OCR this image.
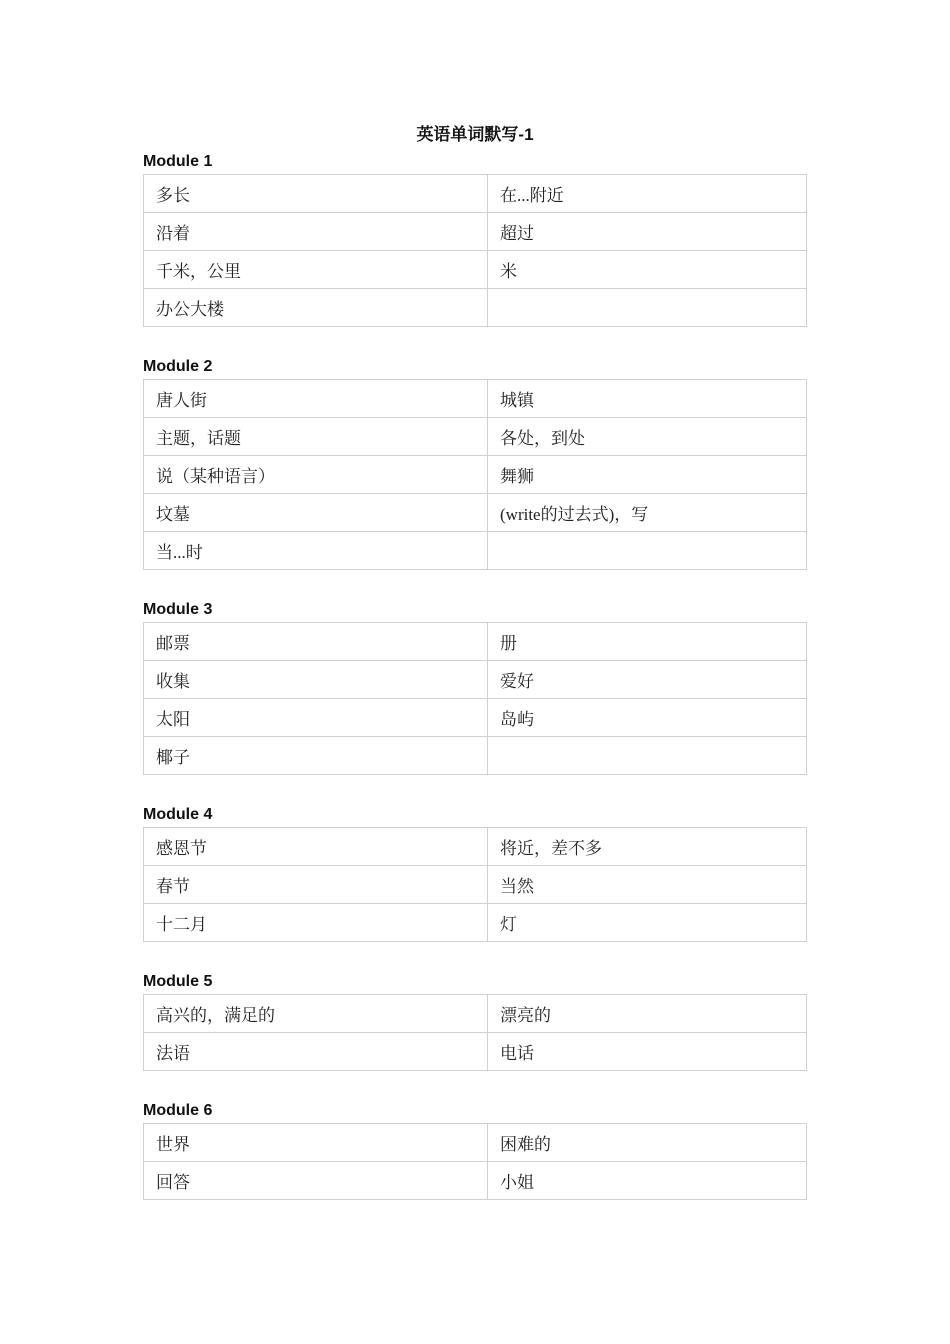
英语单词默写-1
Module 1
多长	在...附近
沿着	超过
千米，公里	米
办公大楼	
Module 2
唐人街	城镇
主题，话题	各处，到处
说（某种语言）	舞狮
坟墓	(write的过去式)，写
当...时	
Module 3
邮票	册
收集	爱好
太阳	岛屿
椰子	
Module 4
感恩节	将近，差不多
春节	当然
十二月	灯
Module 5
高兴的，满足的	漂亮的
法语	电话
Module 6
世界	困难的
回答	小姐
